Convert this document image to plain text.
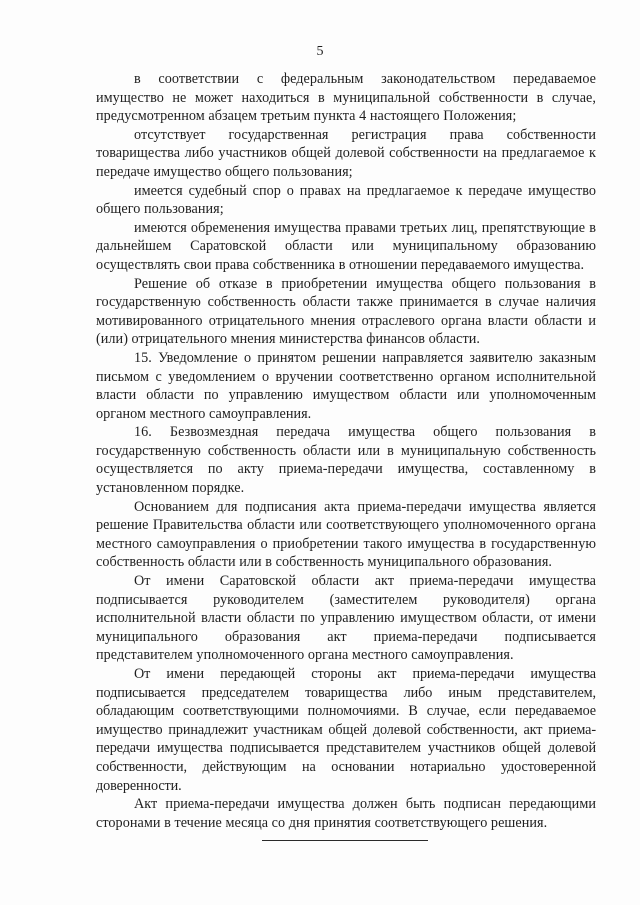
5

в соответствии с федеральным законодательством передаваемое имущество не может находиться в муниципальной собственности в случае, предусмотренном абзацем третьим пункта 4 настоящего Положения;

отсутствует государственная регистрация права собственности товарищества либо участников общей долевой собственности на предлагаемое к передаче имущество общего пользования;

имеется судебный спор о правах на предлагаемое к передаче имущество общего пользования;

имеются обременения имущества правами третьих лиц, препятствующие в дальнейшем Саратовской области или муниципальному образованию осуществлять свои права собственника в отношении передаваемого имущества.

Решение об отказе в приобретении имущества общего пользования в государственную собственность области также принимается в случае наличия мотивированного отрицательного мнения отраслевого органа власти области и (или) отрицательного мнения министерства финансов области.

15. Уведомление о принятом решении направляется заявителю заказным письмом с уведомлением о вручении соответственно органом исполнительной власти области по управлению имуществом области или уполномоченным органом местного самоуправления.

16. Безвозмездная передача имущества общего пользования в государственную собственность области или в муниципальную собственность осуществляется по акту приема-передачи имущества, составленному в установленном порядке.

Основанием для подписания акта приема-передачи имущества является решение Правительства области или соответствующего уполномоченного органа местного самоуправления о приобретении такого имущества в государственную собственность области или в собственность муниципального образования.

От имени Саратовской области акт приема-передачи имущества подписывается руководителем (заместителем руководителя) органа исполнительной власти области по управлению имуществом области, от имени муниципального образования акт приема-передачи подписывается представителем уполномоченного органа местного самоуправления.

От имени передающей стороны акт приема-передачи имущества подписывается председателем товарищества либо иным представителем, обладающим соответствующими полномочиями. В случае, если передаваемое имущество принадлежит участникам общей долевой собственности, акт приема-передачи имущества подписывается представителем участников общей долевой собственности, действующим на основании нотариально удостоверенной доверенности.

Акт приема-передачи имущества должен быть подписан передающими сторонами в течение месяца со дня принятия соответствующего решения.
